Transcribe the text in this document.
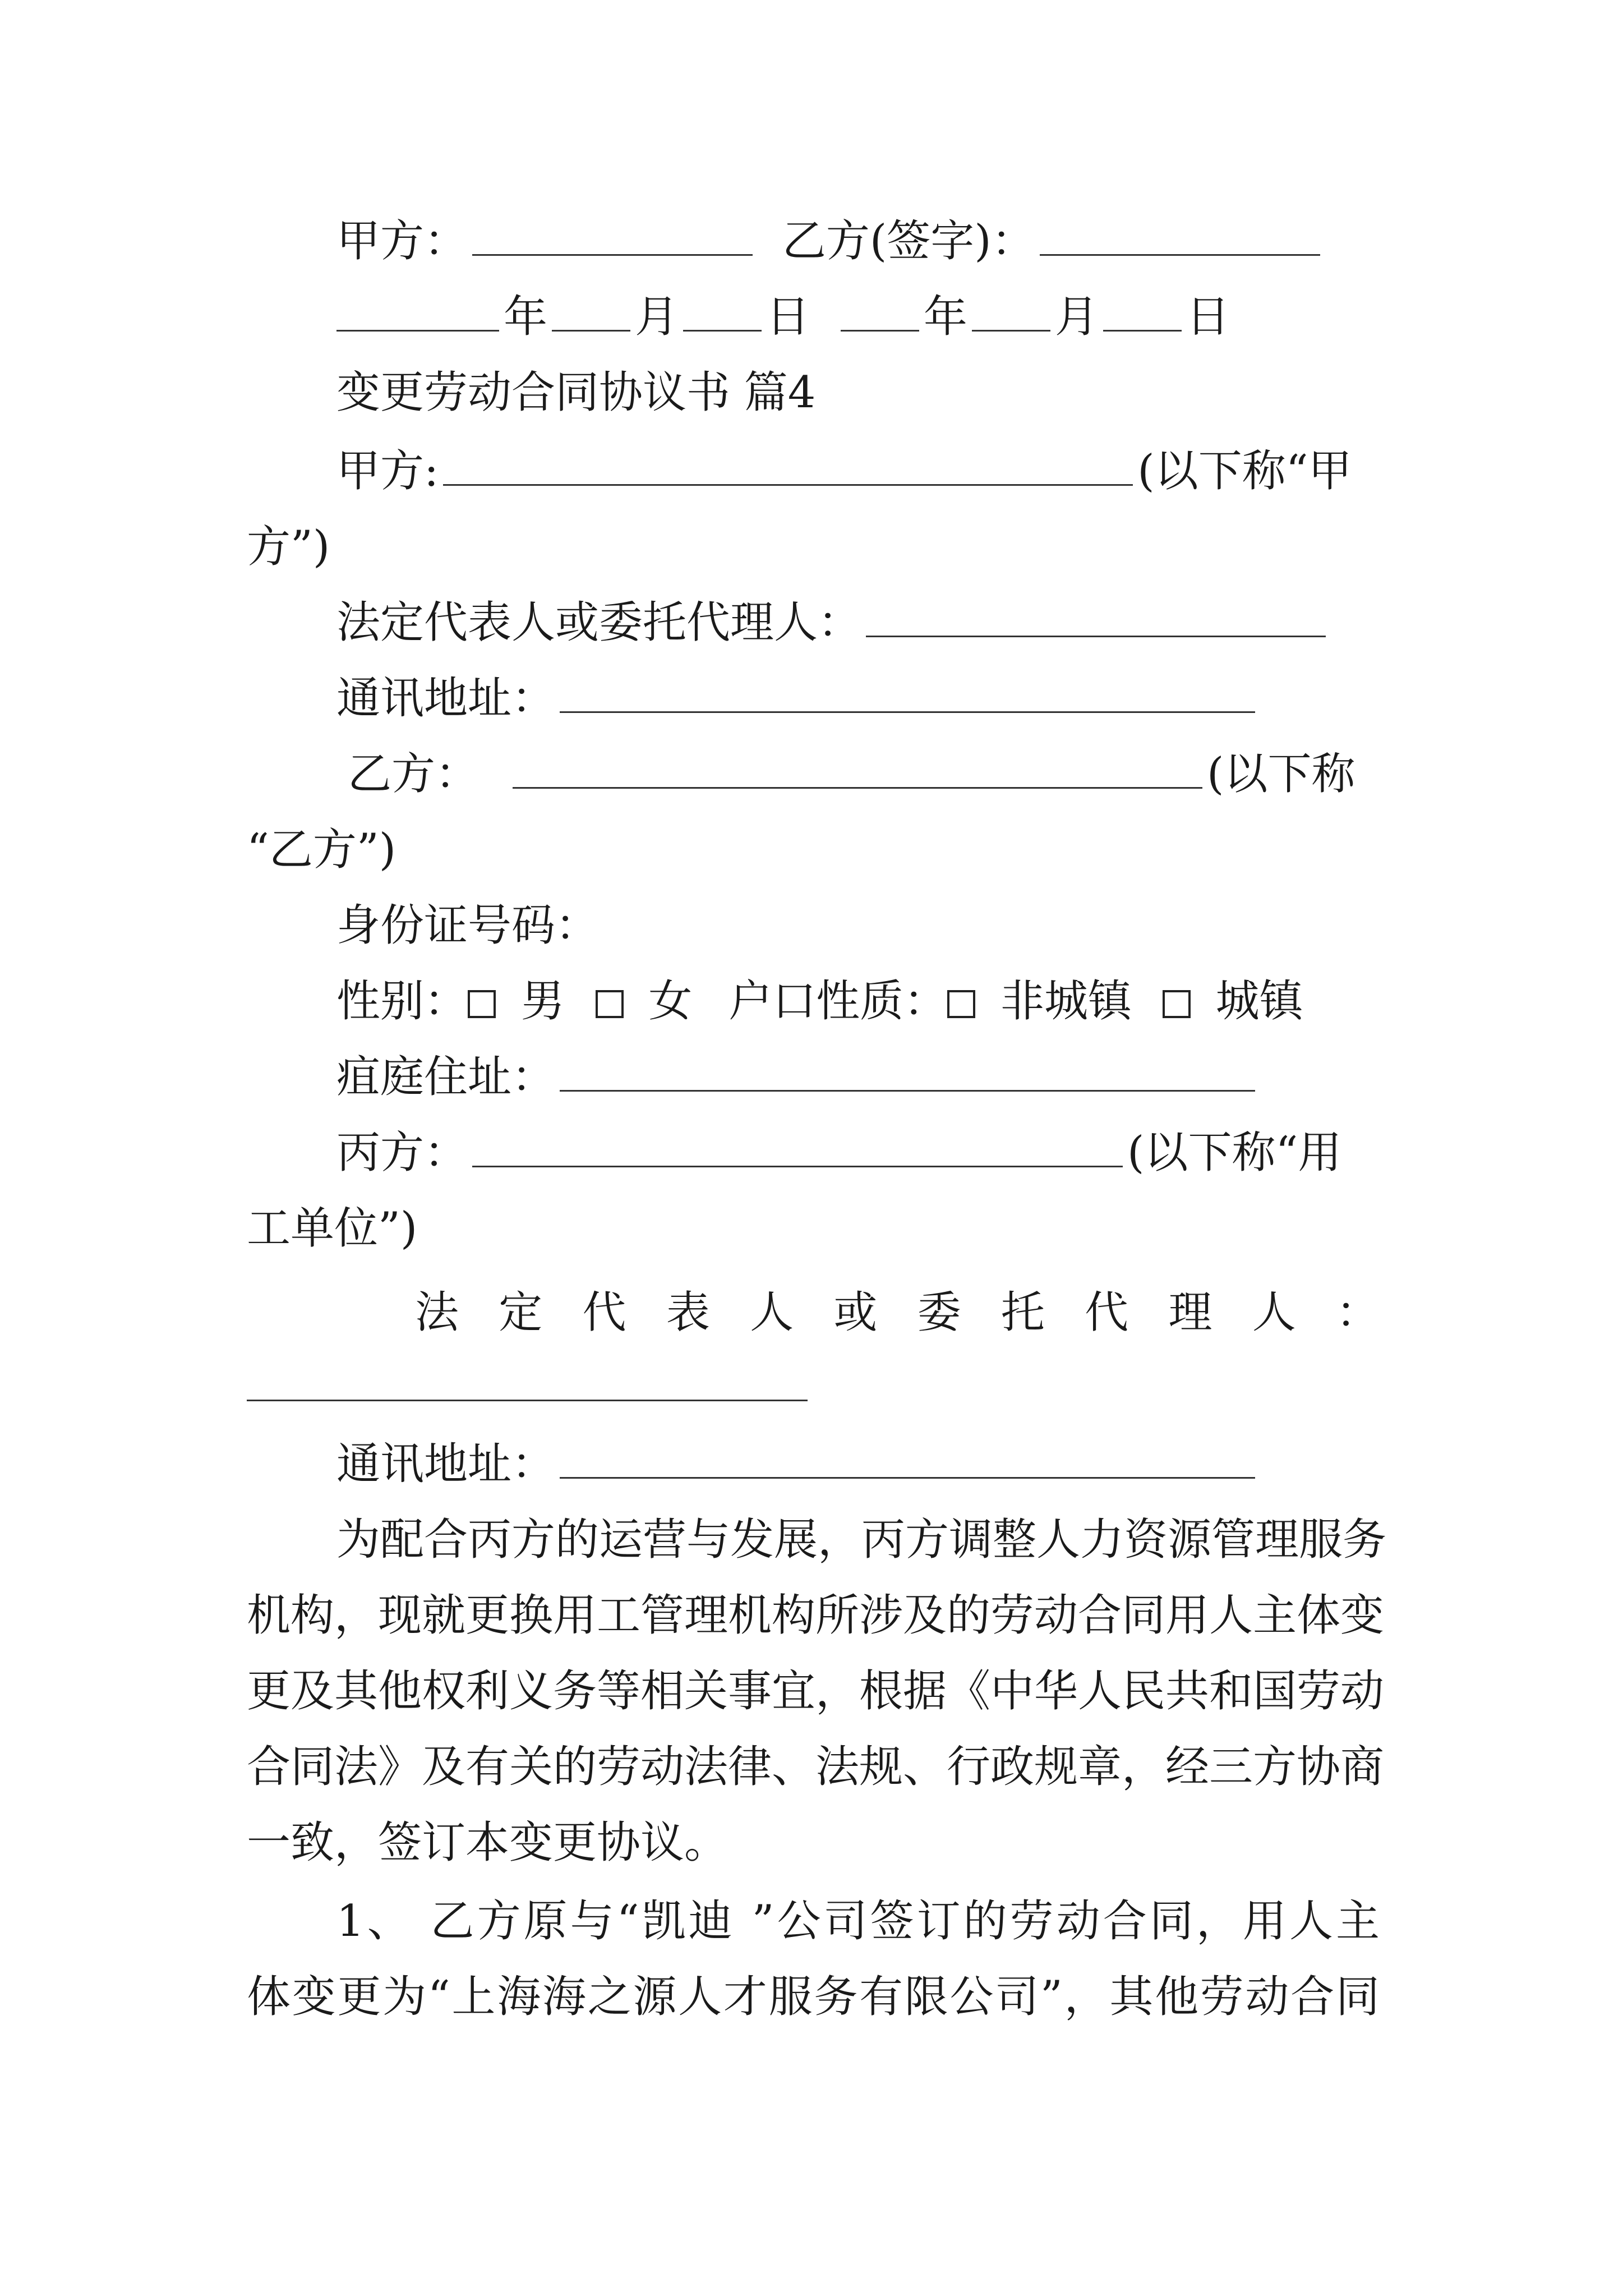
甲方：	乙方(签字)：
年 月 日	年 月 日
变更劳动合同协议书 篇4
甲方:	(以下称“甲
方”)
法定代表人或委托代理人：
通讯地址：
乙方：	(以下称
“乙方”)
身份证号码：
性别： 男 女 户口性质： 非城镇 城镇
疽庭住址：
丙方：	(以下称“用
工单位”)
法定代表人或委托代理人：
通讯地址：
为配合丙方的运营与发展，丙方调整人力资源管理服务
机构，现就更换用工管理机构所涉及的劳动合同用人主体变
更及其他权利义务等相关事宜，根据《中华人民共和国劳动
合同法》及有关的劳动法律、法规、行政规章，经三方协商
一致，签订本变更协议。
1、 乙方原与“凯迪 ”公司签订的劳动合同，用人主
体变更为“上海海之源人才服务有限公司”，其他劳动合同
